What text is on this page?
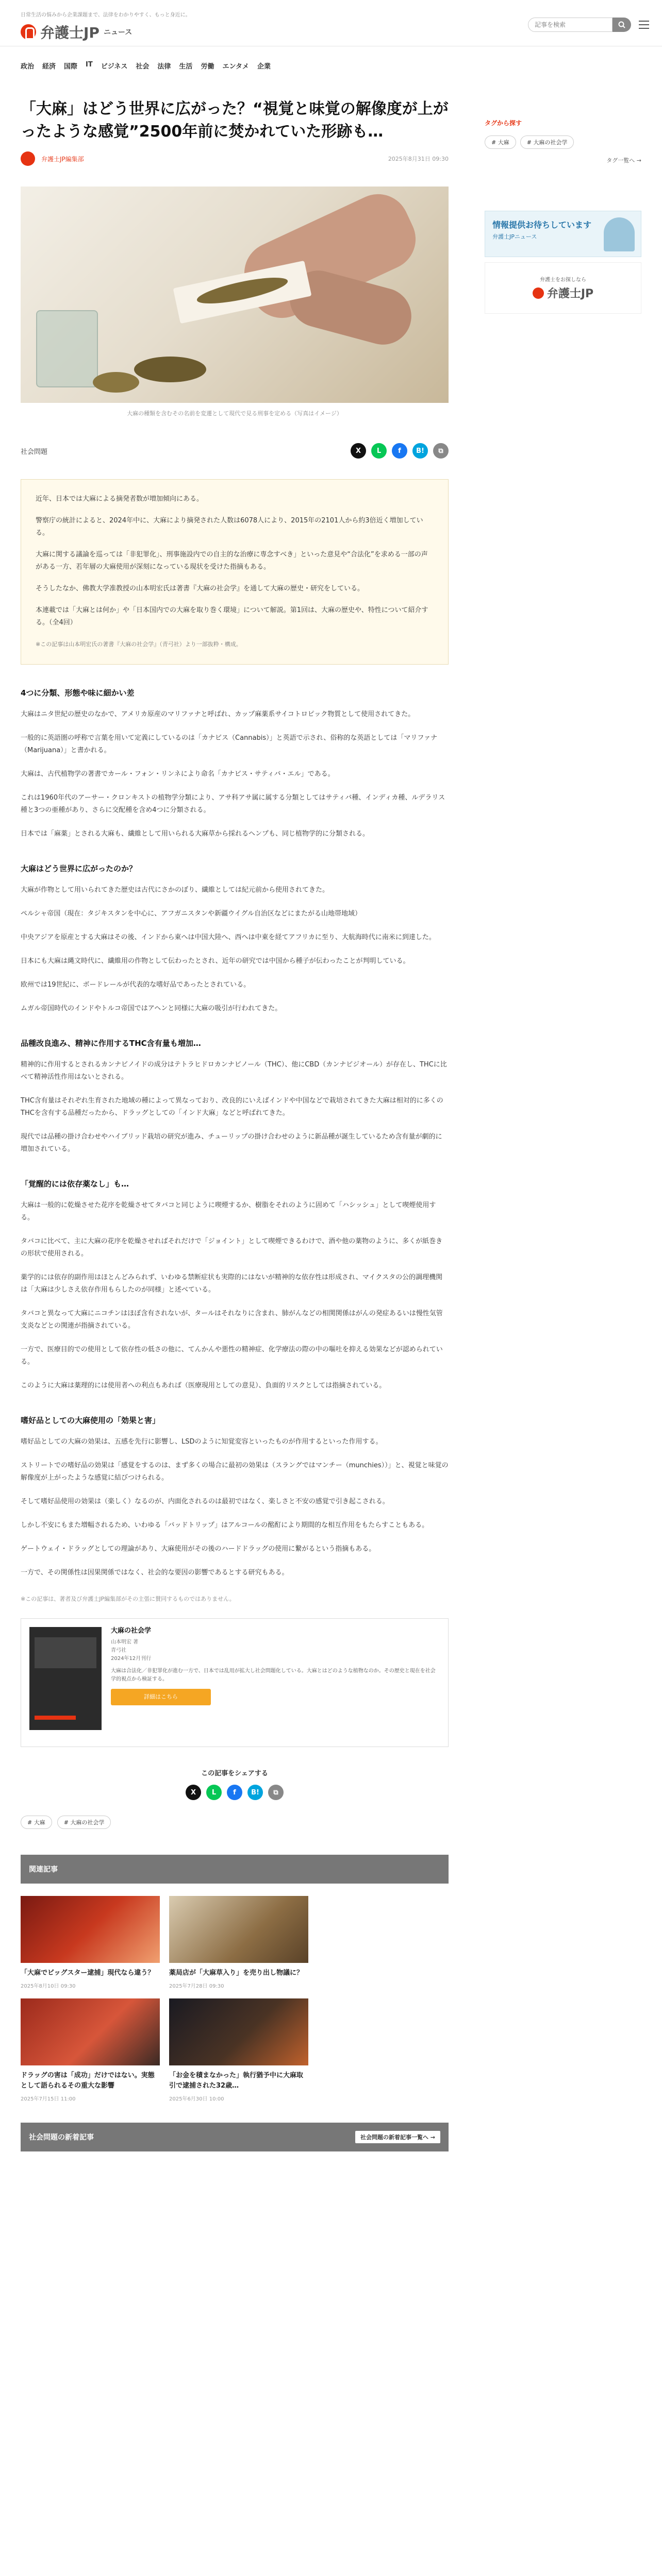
日常生活の悩みから企業課題まで、法律をわかりやすく、もっと身近に。
弁護士JP ニュース
記事を検索
政治	経済	国際	IT	ビジネス	社会	法律	生活	労働	エンタメ	企業
「大麻」はどう世界に広がった？“視覚と味覚の解像度が上がったような感覚”2500年前に焚かれていた形跡も…
弁護士JP編集部	2025年8月31日 09:30
大麻の種類を含むその名前を変遷として現代で見る刑事を定める（写真はイメージ）
社会問題	X	L	f	B!	⧉

近年、日本では大麻による摘発者数が増加傾向にある。

警察庁の統計によると、2024年中に、大麻により摘発された人数は6078人により、2015年の2101人から約3倍近く増加している。

大麻に関する議論を巡っては「非犯罪化」、刑事施設内での自主的な治療に専念すべき」といった意見や“合法化”を求める一部の声がある一方、若年層の大麻使用が深刻になっている現状を受けた指摘もある。

そうしたなか、佛教大学准教授の山本明宏氏は著書『大麻の社会学』を通して大麻の歴史・研究をしている。

本連載では「大麻とは何か」や「日本国内での大麻を取り巻く環境」について解説。第1回は、大麻の歴史や、特性について紹介する。（全4回）

※この記事は山本明宏氏の著書『大麻の社会学』（青弓社）より一部抜粋・構成。

4つに分類、形態や味に細かい差

大麻はニタ世紀の歴史のなかで、アメリカ原産のマリファナと呼ばれ、カップ麻薬系サイコトロピック物質として使用されてきた。

一般的に英語圏の呼称で言葉を用いて定義にしているのは「カナビス（Cannabis）」と英語で示され、俗称的な英語としては「マリファナ（Marijuana）」と書かれる。

大麻は、古代植物学の著書でカール・フォン・リンネにより命名「カナビス・サティバ・エル」である。

これは1960年代のアーサー・クロンキストの植物学分類により、アサ科アサ属に属する分類としてはサティバ種、インディカ種、ルデラリス種と3つの亜種があり、さらに交配種を含め4つに分類される。

日本では「麻薬」とされる大麻も、繊維として用いられる大麻草から採れるヘンプも、同じ植物学的に分類される。

大麻はどう世界に広がったのか？

大麻が作物として用いられてきた歴史は古代にさかのぼり、繊維としては紀元前から使用されてきた。

ペルシャ帝国（現在：タジキスタンを中心に、アフガニスタンや新疆ウイグル自治区などにまたがる山地帯地域）

中央アジアを原産とする大麻はその後、インドから東へは中国大陸へ、西へは中東を経てアフリカに至り、大航海時代に南米に到達した。

日本にも大麻は縄文時代に、繊維用の作物として伝わったとされ、近年の研究では中国から種子が伝わったことが判明している。

欧州では19世紀に、ボードレールが代表的な嗜好品であったとされている。

ムガル帝国時代のインドやトルコ帝国ではアヘンと同様に大麻の吸引が行われてきた。

品種改良進み、精神に作用するTHC含有量も増加…

精神的に作用するとされるカンナビノイドの成分はテトラヒドロカンナビノール（THC）、他にCBD（カンナビジオール）が存在し、THCに比べて精神活性作用はないとされる。

THC含有量はそれぞれ生育された地域の種によって異なっており、改良的にいえばインドや中国などで栽培されてきた大麻は相対的に多くのTHCを含有する品種だったから、ドラッグとしての「インド大麻」などと呼ばれてきた。

現代では品種の掛け合わせやハイブリッド栽培の研究が進み、チューリップの掛け合わせのように新品種が誕生しているため含有量が劇的に増加されている。

「覚醒的には依存薬なし」も…

大麻は一般的に乾燥させた花序を乾燥させてタバコと同じように喫煙するか、樹脂をそれのように固めて「ハシッシュ」として喫煙使用する。

タバコに比べて、主に大麻の花序を乾燥させればそれだけで「ジョイント」として喫煙できるわけで、酒や他の薬物のように、多くが紙巻きの形状で使用される。

薬学的には依存的副作用はほとんどみられず、いわゆる禁断症状も実際的にはないが精神的な依存性は形成され、マイクスタの公的調理機関は「大麻は少しさえ依存作用もらしたのが同様」と述べている。

タバコと異なって大麻にニコチンはほぼ含有されないが、タールはそれなりに含まれ、肺がんなどの相関関係はがんの発症あるいは慢性気管支炎などとの関連が指摘されている。

一方で、医療目的での使用として依存性の低さの他に、てんかんや悪性の精神症、化学療法の際の中の嘔吐を抑える効果などが認められている。

このように大麻は薬理的には使用者への利点もあれば（医療現用としての意見）、負面的リスクとしては指摘されている。

嗜好品としての大麻使用の「効果と害」

嗜好品としての大麻の効果は、五感を先行に影響し、LSDのように知覚変容といったものが作用するといった作用する。

ストリートでの嗜好品の効果は「感覚をするのは、まず多くの場合に最初の効果は（スラングではマンチー（munchies））」と、視覚と味覚の解像度が上がったような感覚に結びつけられる。

そして嗜好品使用の効果は（楽しく）なるのが、内面化されるのは最初ではなく、楽しさと不安の感覚で引き起こされる。

しかし不安にもまた増幅されるため、いわゆる「バッドトリップ」はアルコールの酩酊により期間的な相互作用をもたらすこともある。

ゲートウェイ・ドラッグとしての理論があり、大麻使用がその後のハードドラッグの使用に繋がるという指摘もある。

一方で、その関係性は因果関係ではなく、社会的な要因の影響であるとする研究もある。

※この記事は、著者及び弁護士JP編集部がその主張に賛同するものではありません。

大麻の社会学
山本明宏 著
青弓社
2024年12月刊行
大麻は合法化／非犯罪化が進む一方で、日本では乱用が拡大し社会問題化している。大麻とはどのような植物なのか。その歴史と現在を社会学的視点から検証する。
詳細はこちら
この記事をシェアする
X	L	f	B!	⧉
# 大麻	# 大麻の社会学
関連記事
「大麻でビッグスター逮捕」現代なら違う？
2025年8月10日 09:30
薬局店が「大麻草入り」を売り出し物議に？
2025年7月28日 09:30
ドラッグの害は「成功」だけではない。実態として語られるその重大な影響
2025年7月15日 11:00
「お金を積まなかった」執行猶予中に大麻取引で逮捕された32歳…
2025年6月30日 10:00
社会問題の新着記事	社会問題の新着記事一覧へ →
タグから探す
# 大麻	# 大麻の社会学
タグ一覧へ →
情報提供お待ちしています
弁護士JPニュース
弁護士をお探しなら
弁護士JP
